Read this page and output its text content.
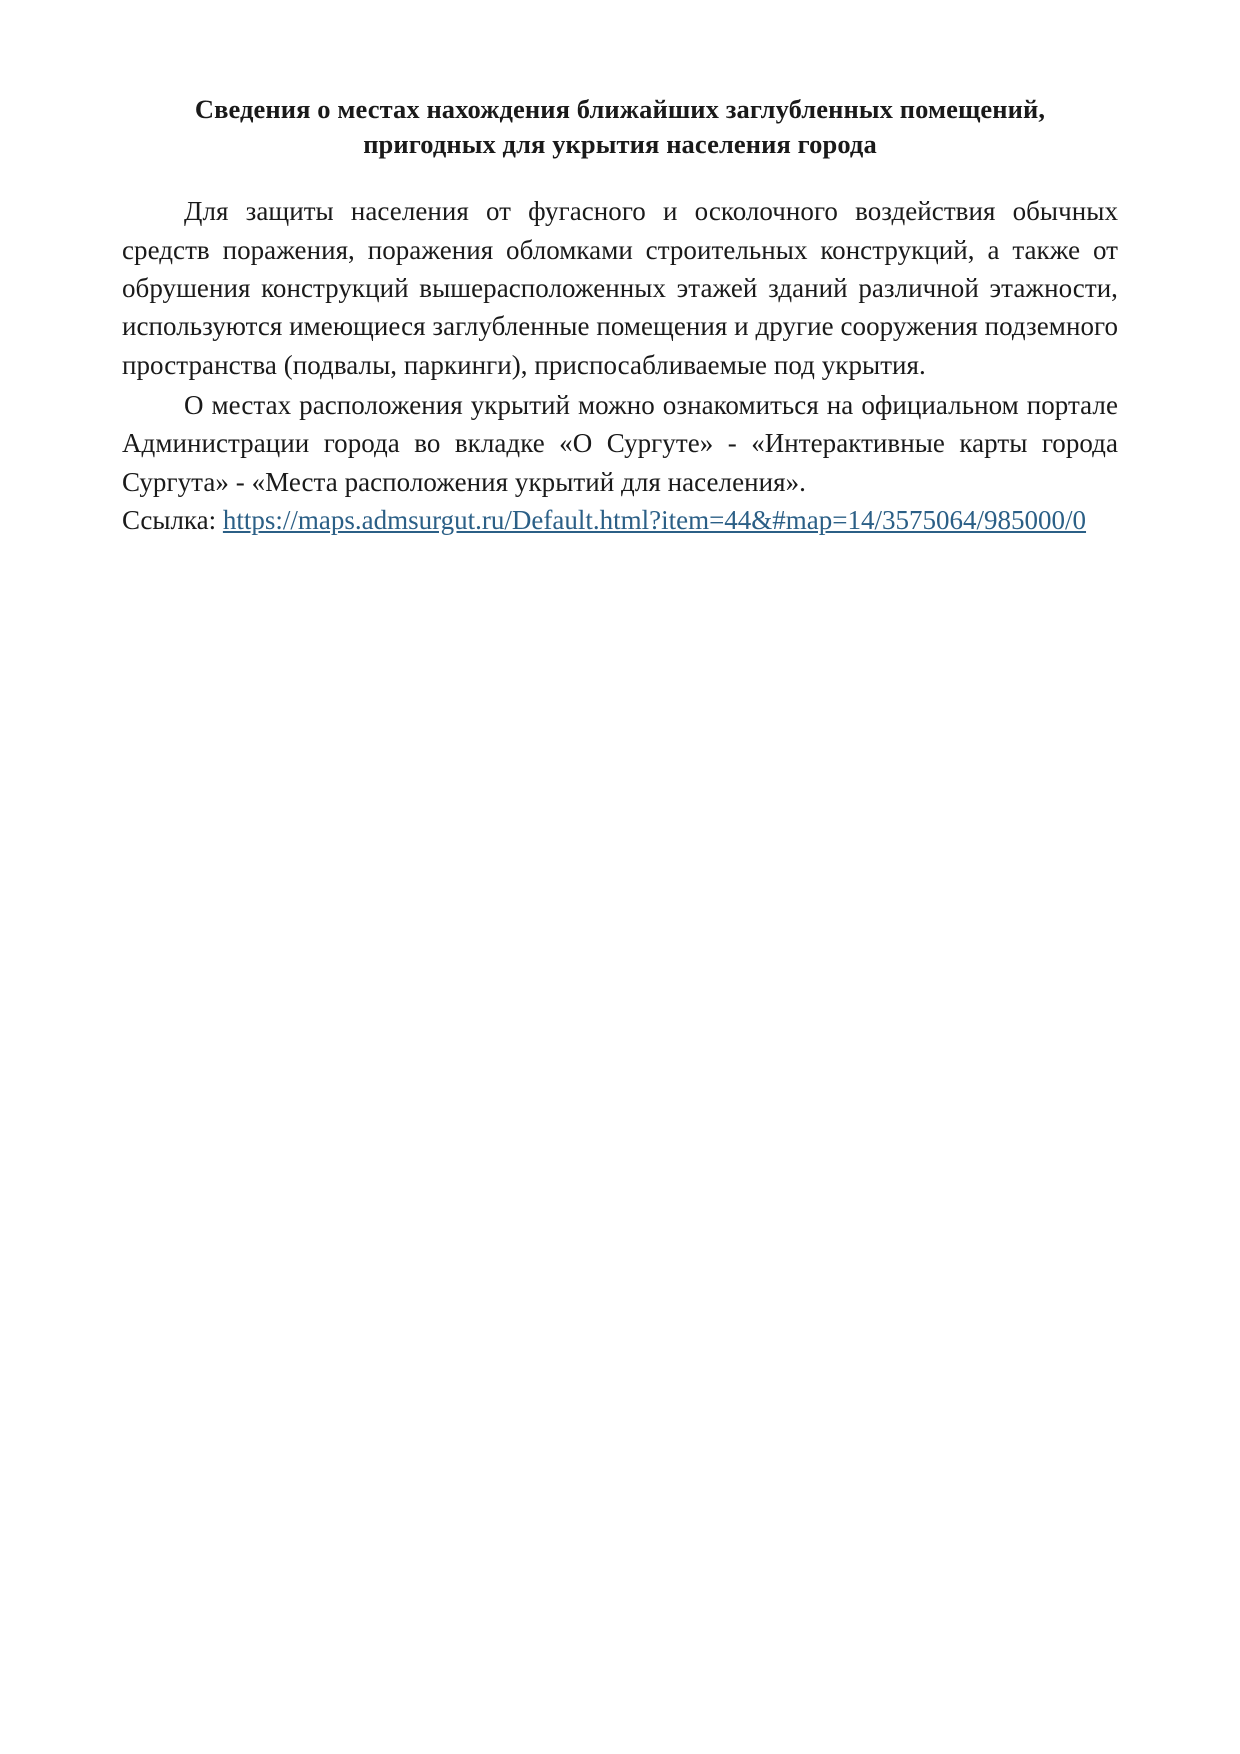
Сведения о местах нахождения ближайших заглубленных помещений,
пригодных для укрытия населения города

Для защиты населения от фугасного и осколочного воздействия обычных средств поражения, поражения обломками строительных конструкций, а также от обрушения конструкций вышерасположенных этажей зданий различной этажности, используются имеющиеся заглубленные помещения и другие сооружения подземного пространства (подвалы, паркинги), приспосабливаемые под укрытия.

О местах расположения укрытий можно ознакомиться на официальном портале Администрации города во вкладке «О Сургуте» - «Интерактивные карты города Сургута» - «Места расположения укрытий для населения».

Ссылка: https://maps.admsurgut.ru/Default.html?item=44&#map=14/3575064/985000/0
